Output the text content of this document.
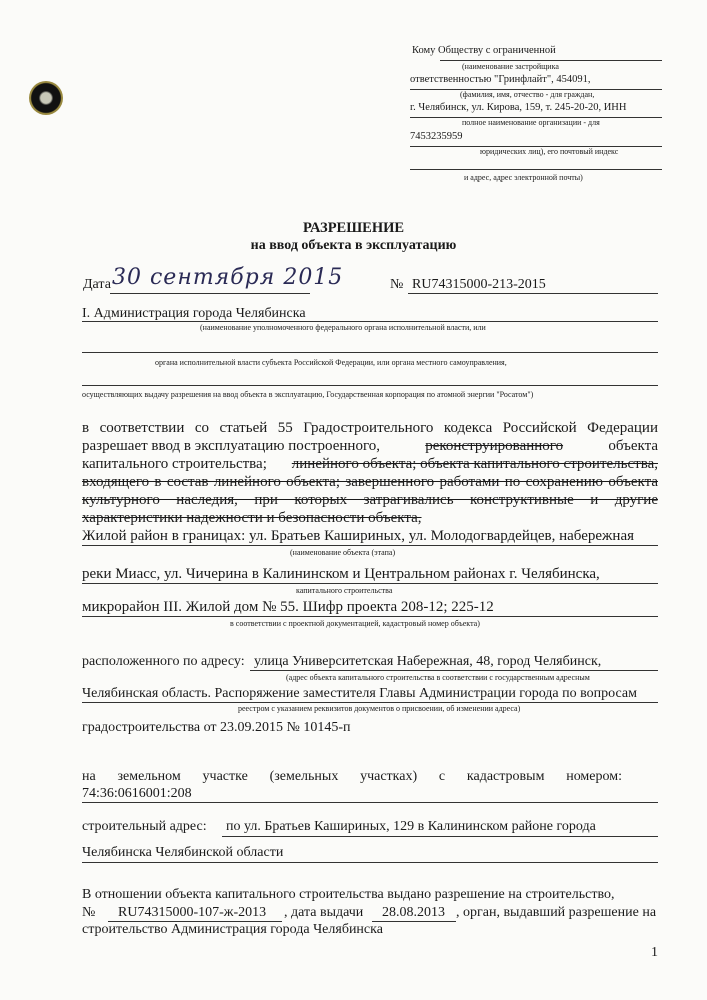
Кому Обществу с ограниченной
(наименование застройщика
ответственностью "Гринфлайт", 454091,
(фамилия, имя, отчество - для граждан,
г. Челябинск, ул. Кирова, 159, т. 245-20-20, ИНН
полное наименование организации - для
7453235959
юридических лиц), его почтовый индекс
и адрес, адрес электронной почты)
РАЗРЕШЕНИЕ
на ввод объекта в эксплуатацию
Дата 30 сентября 2015	№ RU74315000-213-2015
I. Администрация города Челябинска
(наименование уполномоченного федерального органа исполнительной власти, или
органа исполнительной власти субъекта Российской Федерации, или органа местного самоуправления,
осуществляющих выдачу разрешения на ввод объекта в эксплуатацию, Государственная корпорация по атомной энергии "Росатом")
в соответствии со статьей 55 Градостроительного кодекса Российской Федерации
разрешает ввод в эксплуатацию построенного,	реконструированного	объекта
капитального строительства; линейного объекта; объекта капитального строительства,
входящего в состав линейного объекта; завершенного работами по сохранению объекта
культурного наследия, при которых затрагивались конструктивные и другие
характеристики надежности и безопасности объекта,
Жилой район в границах: ул. Братьев Кашириных, ул. Молодогвардейцев, набережная
(наименование объекта (этапа)
реки Миасс, ул. Чичерина в Калининском и Центральном районах г. Челябинска,
капитального строительства
микрорайон III. Жилой дом № 55. Шифр проекта 208-12; 225-12
в соответствии с проектной документацией, кадастровый номер объекта)
расположенного по адресу: улица Университетская Набережная, 48, город Челябинск,
(адрес объекта капитального строительства в соответствии с государственным адресным
Челябинская область. Распоряжение заместителя Главы Администрации города по вопросам
реестром с указанием реквизитов документов о присвоении, об изменении адреса)
градостроительства от 23.09.2015 № 10145-п
на земельном участке (земельных участках) с кадастровым номером:
74:36:0616001:208
строительный адрес: по ул. Братьев Кашириных, 129 в Калининском районе города
Челябинска Челябинской области
В отношении объекта капитального строительства выдано разрешение на строительство,
№ RU74315000-107-ж-2013 , дата выдачи 28.08.2013 , орган, выдавший разрешение на
строительство Администрация города Челябинска
1
